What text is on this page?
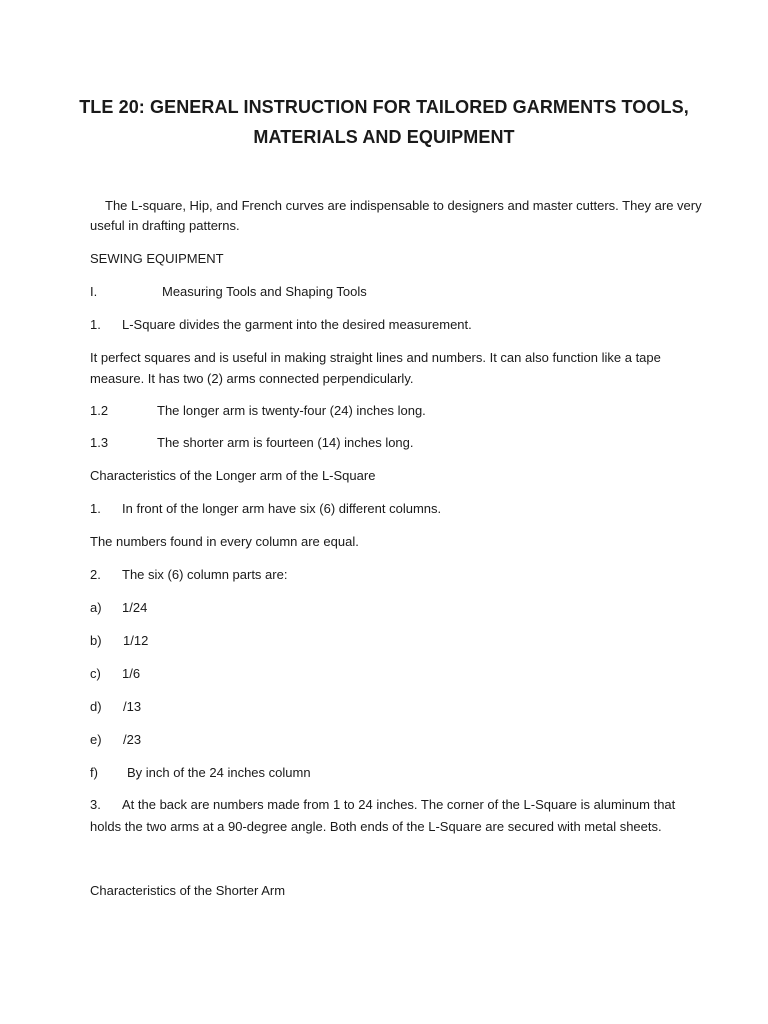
TLE 20: GENERAL INSTRUCTION FOR TAILORED GARMENTS TOOLS,
MATERIALS AND EQUIPMENT
The L-square, Hip, and French curves are indispensable to designers and master cutters. They are very
useful in drafting patterns.
SEWING EQUIPMENT
I.	Measuring Tools and Shaping Tools
1. L-Square divides the garment into the desired measurement.
It perfect squares and is useful in making straight lines and numbers. It can also function like a tape
measure. It has two (2) arms connected perpendicularly.
1.2	The longer arm is twenty-four (24) inches long.
1.3	The shorter arm is fourteen (14) inches long.
Characteristics of the Longer arm of the L-Square
1. In front of the longer arm have six (6) different columns.
The numbers found in every column are equal.
2. The six (6) column parts are:
a) 1/24
b) 1/12
c) 1/6
d) /13
e) /23
f) By inch of the 24 inches column
3. At the back are numbers made from 1 to 24 inches. The corner of the L-Square is aluminum that
holds the two arms at a 90-degree angle. Both ends of the L-Square are secured with metal sheets.
Characteristics of the Shorter Arm
